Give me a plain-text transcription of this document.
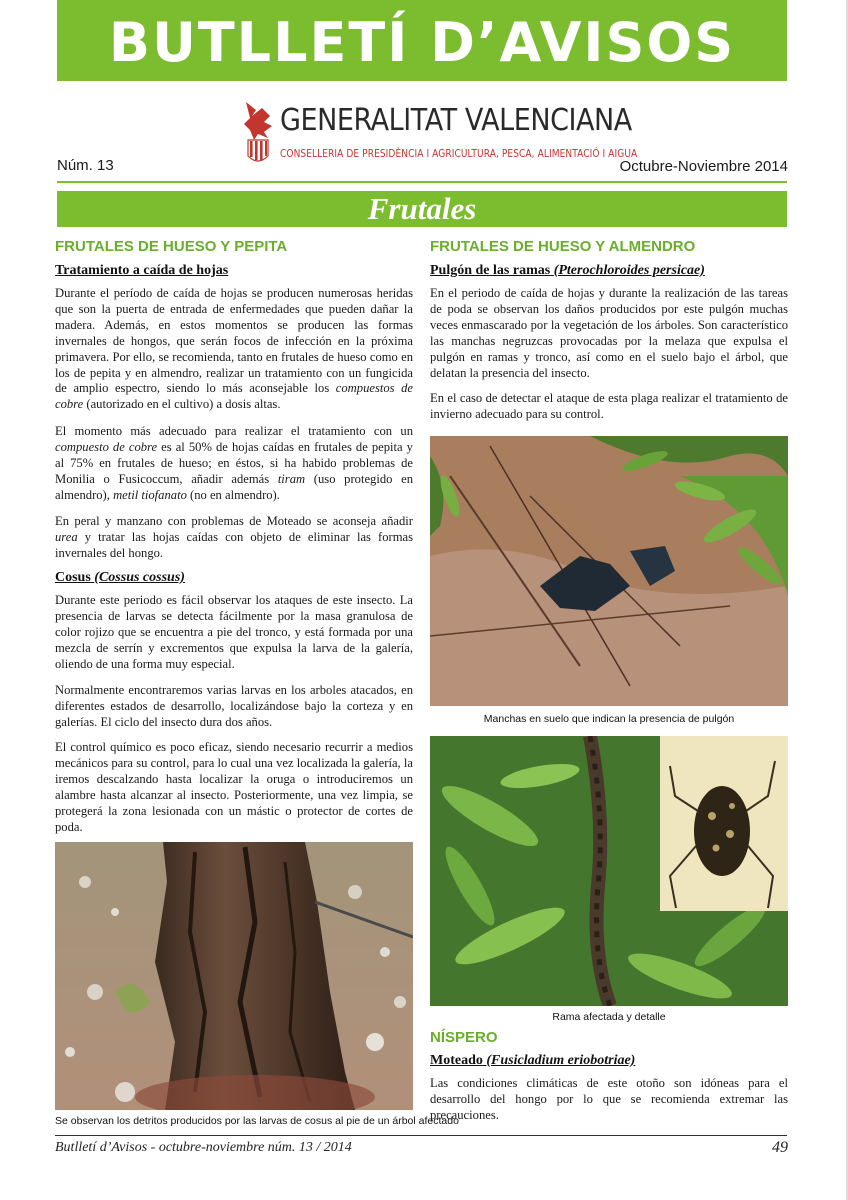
BUTLLETÍ D’AVISOS
GENERALITAT VALENCIANA
CONSELLERIA DE PRESIDÈNCIA I AGRICULTURA, PESCA, ALIMENTACIÓ I AIGUA
Núm. 13	Octubre-Noviembre 2014
Frutales
FRUTALES DE HUESO Y PEPITA
Tratamiento a caída de hojas
Durante el período de caída de hojas se producen numerosas heridas que son la puerta de entrada de enfermedades que pueden dañar la madera. Además, en estos momentos se producen las formas invernales de hongos, que serán focos de infección en la próxima primavera. Por ello, se recomienda, tanto en frutales de hueso como en los de pepita y en almendro, realizar un tratamiento con un fungicida de amplio espectro, siendo lo más aconsejable los compuestos de cobre (autorizado en el cultivo) a dosis altas.
El momento más adecuado para realizar el tratamiento con un compuesto de cobre es al 50% de hojas caídas en frutales de pepita y al 75% en frutales de hueso; en éstos, si ha habido problemas de Monilia o Fusicoccum, añadir además tiram (uso protegido en almendro), metil tiofanato (no en almendro).
En peral y manzano con problemas de Moteado se aconseja añadir urea y tratar las hojas caídas con objeto de eliminar las formas invernales del hongo.
Cosus (Cossus cossus)
Durante este periodo es fácil observar los ataques de este insecto. La presencia de larvas se detecta fácilmente por la masa granulosa de color rojizo que se encuentra a pie del tronco, y está formada por una mezcla de serrín y excrementos que expulsa la larva de la galería, oliendo de una forma muy especial.
Normalmente encontraremos varias larvas en los arboles atacados, en diferentes estados de desarrollo, localizándose bajo la corteza y en galerías. El ciclo del insecto dura dos años.
El control químico es poco eficaz, siendo necesario recurrir a medios mecánicos para su control, para lo cual una vez localizada la galería, la iremos descalzando hasta localizar la oruga o introduciremos un alambre hasta alcanzar al insecto. Posteriormente, una vez limpia, se protegerá la zona lesionada con un mástic o protector de cortes de poda.
Se observan los detritos producidos por las larvas de cosus al pie de un árbol afectado
FRUTALES DE HUESO Y ALMENDRO
Pulgón de las ramas (Pterochloroides persicae)
En el periodo de caída de hojas y durante la realización de las tareas de poda se observan los daños producidos por este pulgón muchas veces enmascarado por la vegetación de los árboles. Son característico las manchas negruzcas provocadas por la melaza que expulsa el pulgón en ramas y tronco, así como en el suelo bajo el árbol, que delatan la presencia del insecto.
En el caso de detectar el ataque de esta plaga realizar el tratamiento de invierno adecuado para su control.
Manchas en suelo que indican la presencia de pulgón
Rama afectada y detalle
NÍSPERO
Moteado (Fusicladium eriobotriae)
Las condiciones climáticas de este otoño son idóneas para el desarrollo del hongo por lo que se recomienda extremar las precauciones.
Butlletí d’Avisos - octubre-noviembre núm. 13 / 2014	49
